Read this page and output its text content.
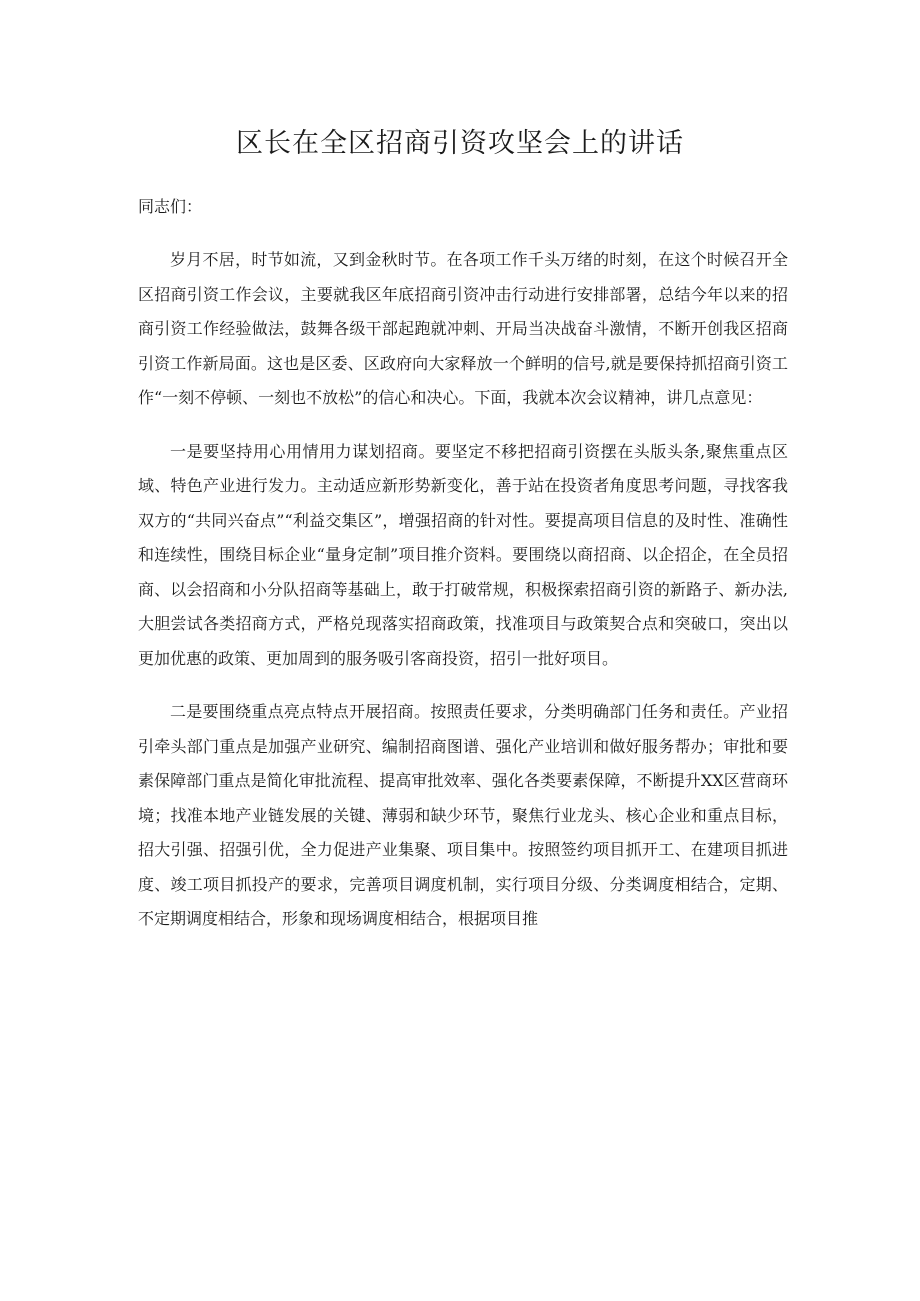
区长在全区招商引资攻坚会上的讲话

同志们：

岁月不居，时节如流，又到金秋时节。在各项工作千头万绪的时刻，在这个时候召开全区招商引资工作会议，主要就我区年底招商引资冲击行动进行安排部署，总结今年以来的招商引资工作经验做法，鼓舞各级干部起跑就冲刺、开局当决战奋斗激情，不断开创我区招商引资工作新局面。这也是区委、区政府向大家释放一个鲜明的信号,就是要保持抓招商引资工作“一刻不停顿、一刻也不放松”的信心和决心。下面，我就本次会议精神，讲几点意见：

一是要坚持用心用情用力谋划招商。要坚定不移把招商引资摆在头版头条,聚焦重点区域、特色产业进行发力。主动适应新形势新变化，善于站在投资者角度思考问题，寻找客我双方的“共同兴奋点”“利益交集区”，增强招商的针对性。要提高项目信息的及时性、准确性和连续性，围绕目标企业“量身定制”项目推介资料。要围绕以商招商、以企招企，在全员招商、以会招商和小分队招商等基础上，敢于打破常规，积极探索招商引资的新路子、新办法,大胆尝试各类招商方式，严格兑现落实招商政策，找准项目与政策契合点和突破口，突出以更加优惠的政策、更加周到的服务吸引客商投资，招引一批好项目。

二是要围绕重点亮点特点开展招商。按照责任要求，分类明确部门任务和责任。产业招引牵头部门重点是加强产业研究、编制招商图谱、强化产业培训和做好服务帮办；审批和要素保障部门重点是简化审批流程、提高审批效率、强化各类要素保障，不断提升XX区营商环境；找准本地产业链发展的关键、薄弱和缺少环节，聚焦行业龙头、核心企业和重点目标，招大引强、招强引优，全力促进产业集聚、项目集中。按照签约项目抓开工、在建项目抓进度、竣工项目抓投产的要求，完善项目调度机制，实行项目分级、分类调度相结合，定期、不定期调度相结合，形象和现场调度相结合，根据项目推
